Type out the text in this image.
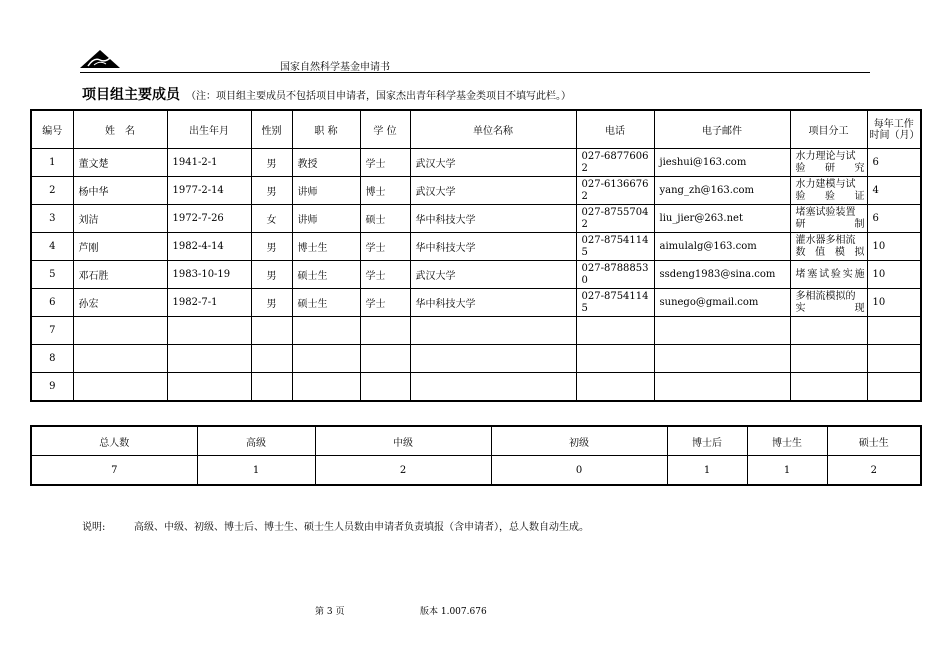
国家自然科学基金申请书
项目组主要成员 （注：项目组主要成员不包括项目申请者，国家杰出青年科学基金类项目不填写此栏。）
编号	姓　名	出生年月	性别	职 称	学 位	单位名称	电话	电子邮件	项目分工	每年工作时间（月）
1	董文楚	1941-2-1	男	教授	学士	武汉大学	027-68776062	jieshui@163.com	水力理论与试验研究	6
2	杨中华	1977-2-14	男	讲师	博士	武汉大学	027-61366762	yang_zh@163.com	水力建模与试验验证	4
3	刘洁	1972-7-26	女	讲师	硕士	华中科技大学	027-87557042	liu_jier@263.net	堵塞试验装置研制	6
4	芦刚	1982-4-14	男	博士生	学士	华中科技大学	027-87541145	aimulalg@163.com	灌水器多相流数值模拟	10
5	邓石胜	1983-10-19	男	硕士生	学士	武汉大学	027-87888530	ssdeng1983@sina.com	堵塞试验实施	10
6	孙宏	1982-7-1	男	硕士生	学士	华中科技大学	027-87541145	sunego@gmail.com	多相流模拟的实现	10
7										
8										
9										
总人数	高级	中级	初级	博士后	博士生	硕士生
7	1	2	0	1	1	2
说明:	高级、中级、初级、博士后、博士生、硕士生人员数由申请者负责填报（含申请者），总人数自动生成。
第 3 页	版本 1.007.676
